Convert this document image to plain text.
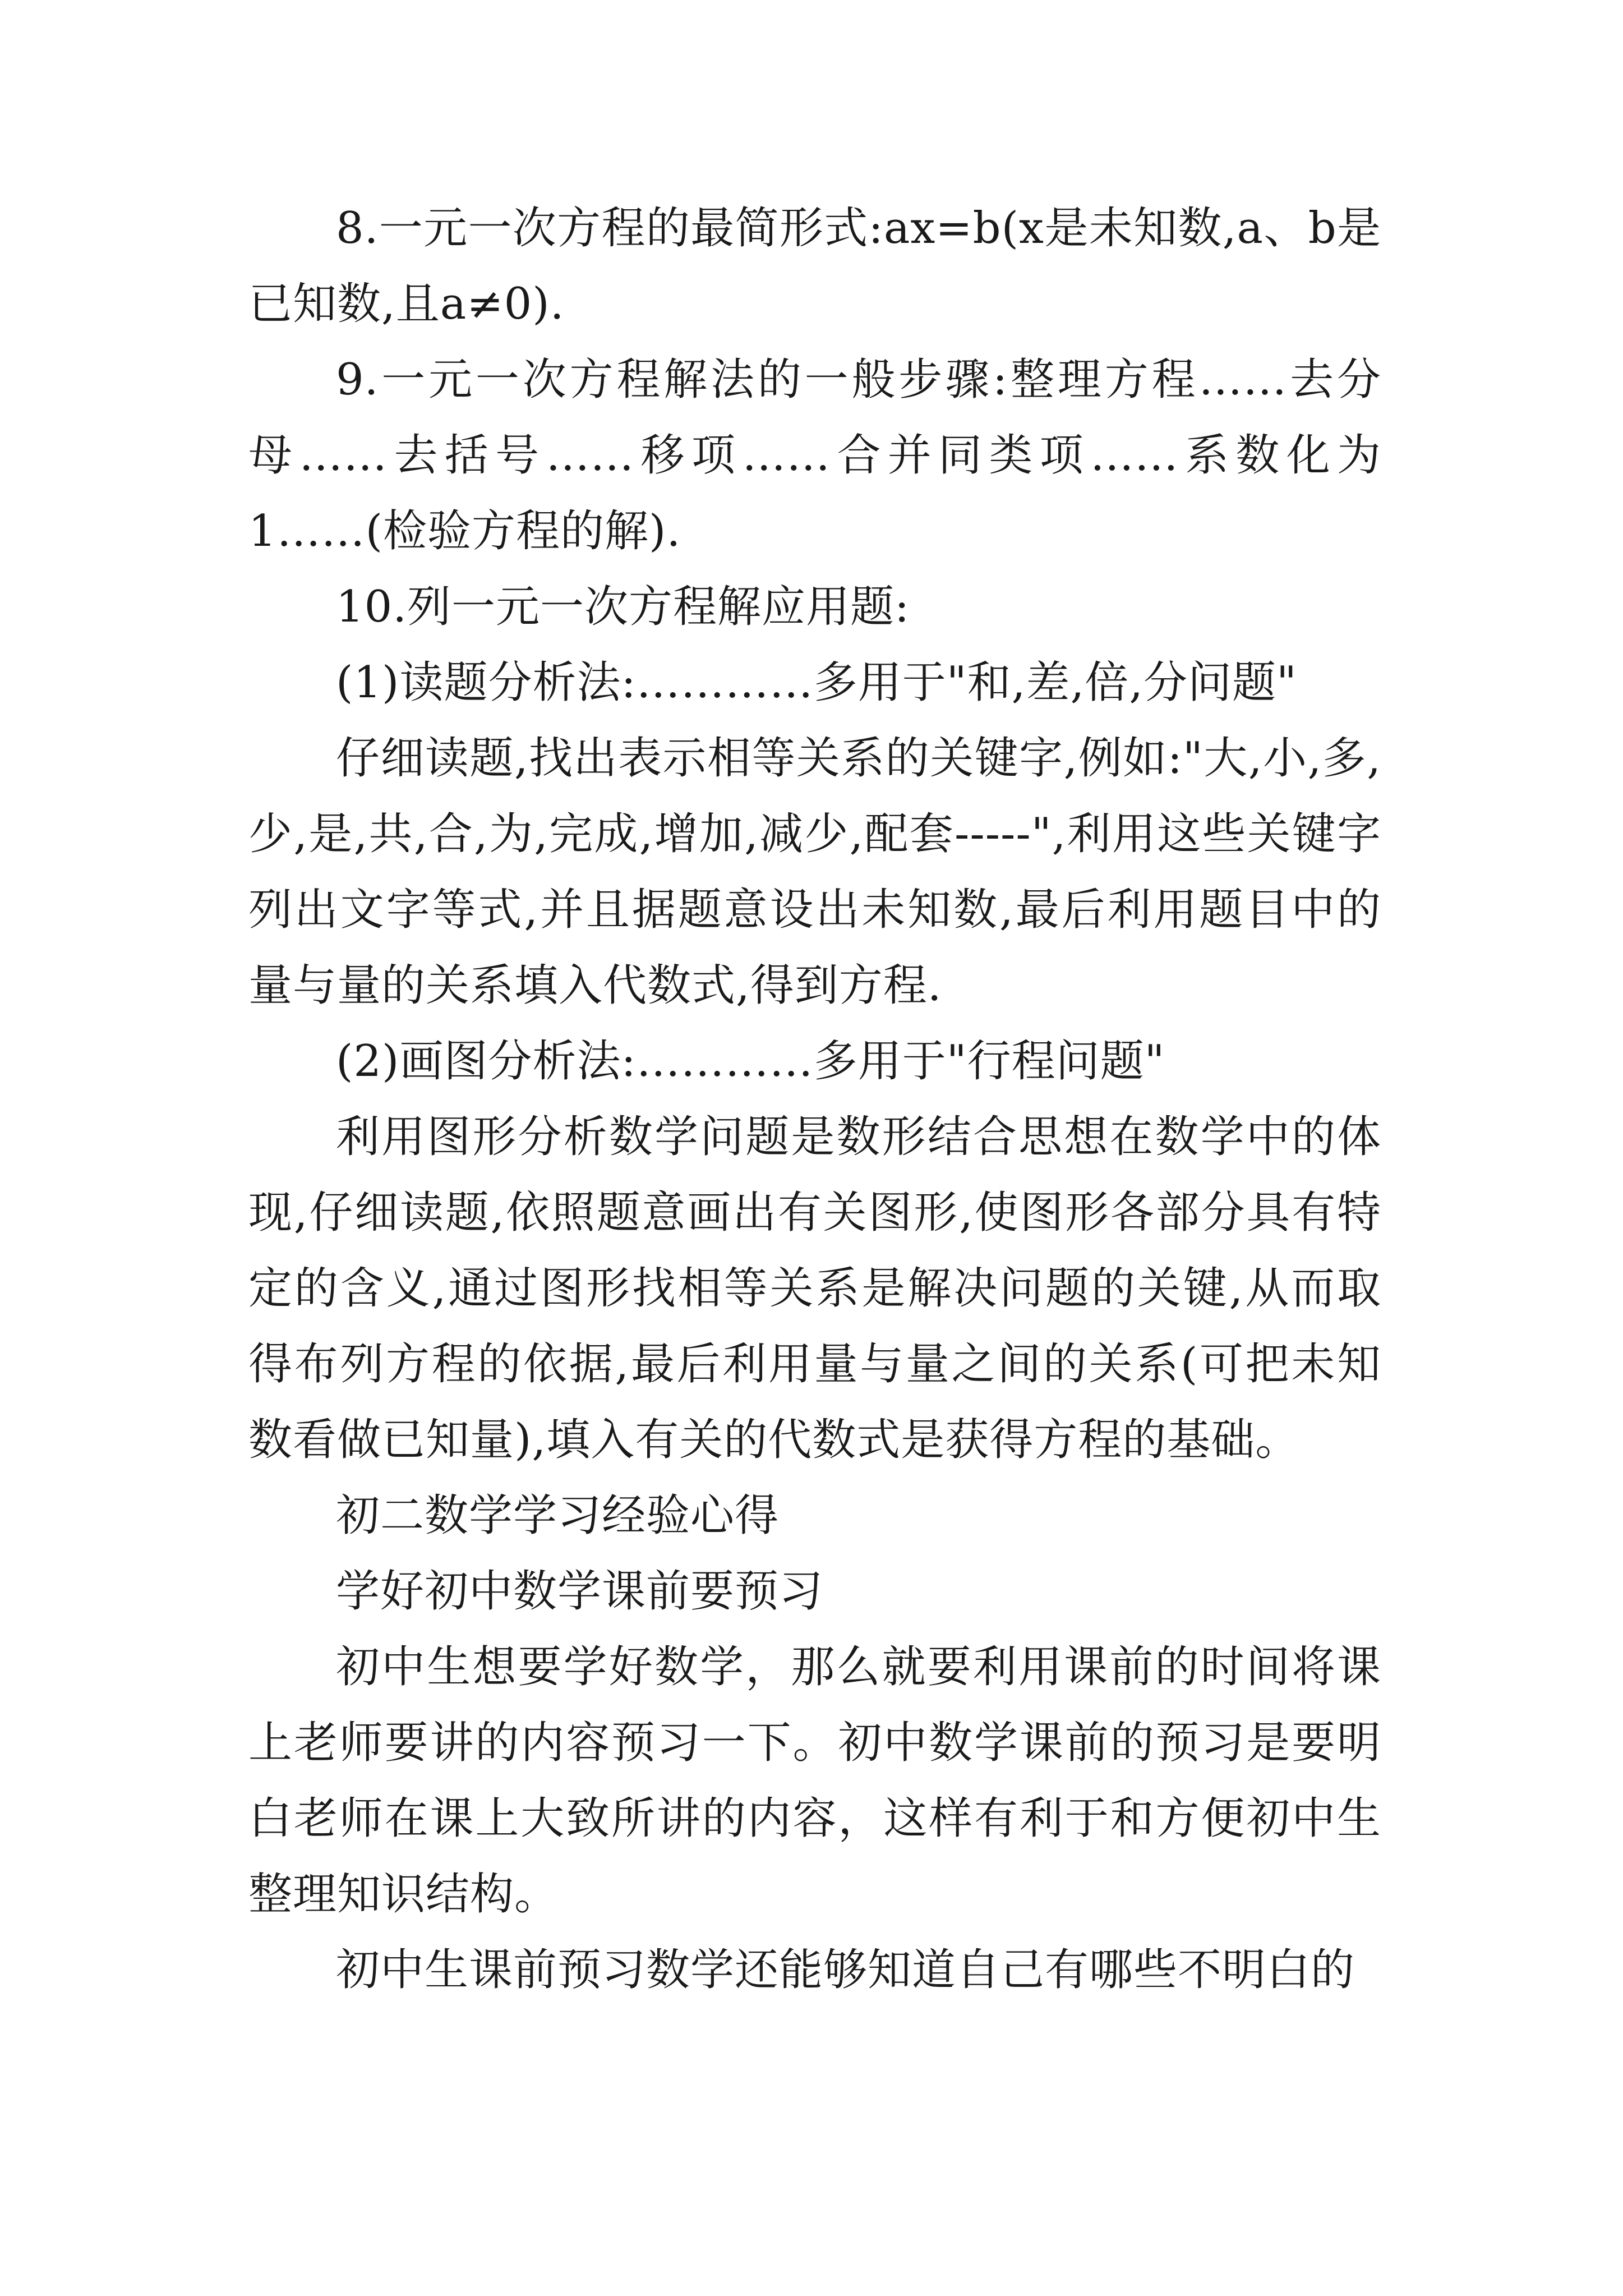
8.一元一次方程的最简形式:ax=b(x是未知数,a、b是已知数,且a≠0).

9.一元一次方程解法的一般步骤:整理方程……去分母……去括号……移项……合并同类项……系数化为1……(检验方程的解).

10.列一元一次方程解应用题:

(1)读题分析法:…………多用于"和,差,倍,分问题"

仔细读题,找出表示相等关系的关键字,例如:"大,小,多,少,是,共,合,为,完成,增加,减少,配套-----",利用这些关键字列出文字等式,并且据题意设出未知数,最后利用题目中的量与量的关系填入代数式,得到方程.

(2)画图分析法:…………多用于"行程问题"

利用图形分析数学问题是数形结合思想在数学中的体现,仔细读题,依照题意画出有关图形,使图形各部分具有特定的含义,通过图形找相等关系是解决问题的关键,从而取得布列方程的依据,最后利用量与量之间的关系(可把未知数看做已知量),填入有关的代数式是获得方程的基础。

初二数学学习经验心得

学好初中数学课前要预习

初中生想要学好数学，那么就要利用课前的时间将课上老师要讲的内容预习一下。初中数学课前的预习是要明白老师在课上大致所讲的内容，这样有利于和方便初中生整理知识结构。

初中生课前预习数学还能够知道自己有哪些不明白的
